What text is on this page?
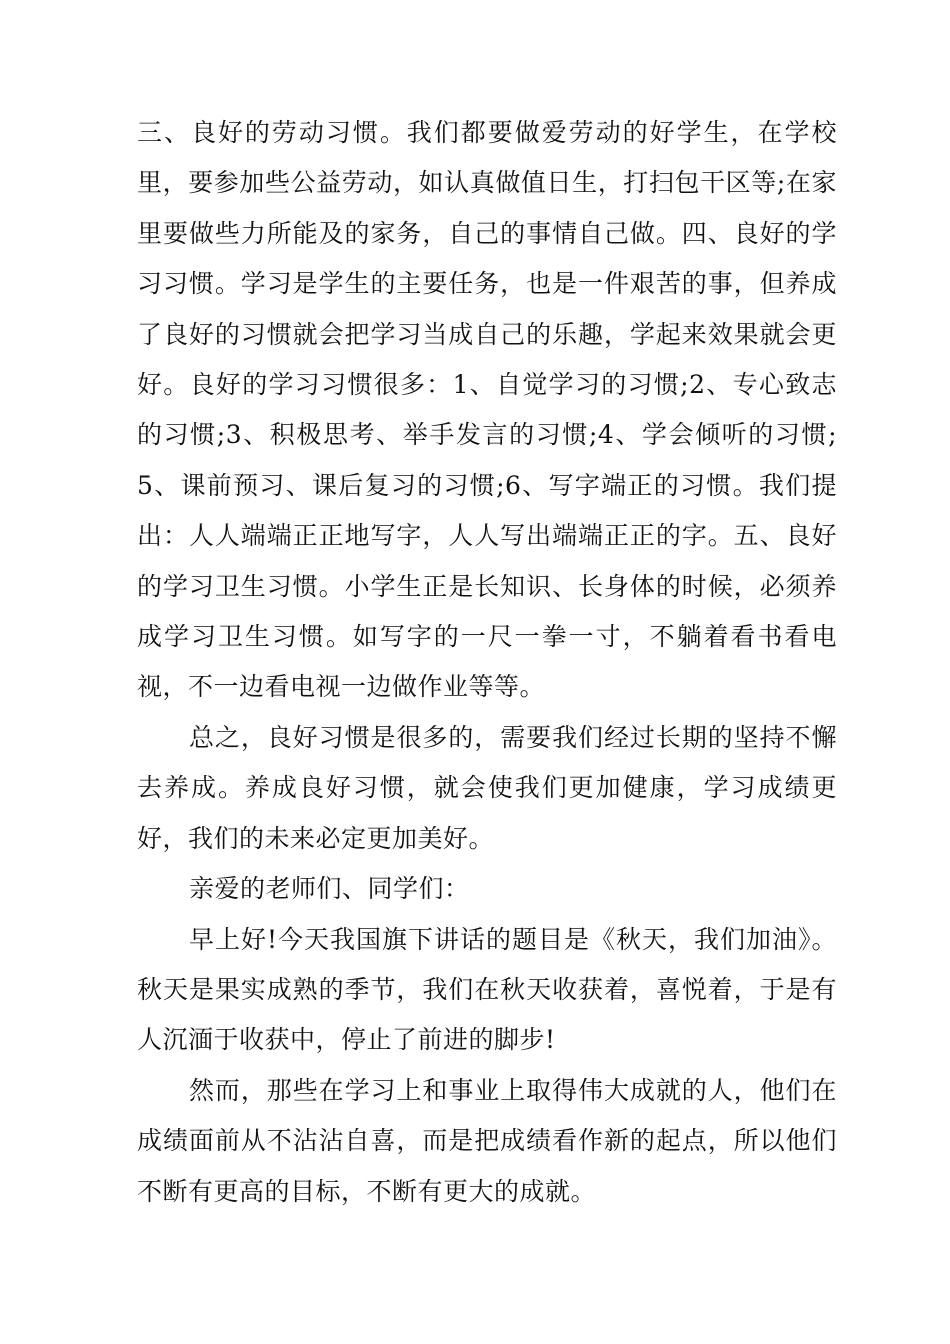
三、良好的劳动习惯。我们都要做爱劳动的好学生，在学校里，要参加些公益劳动，如认真做值日生，打扫包干区等;在家里要做些力所能及的家务，自己的事情自己做。四、良好的学习习惯。学习是学生的主要任务，也是一件艰苦的事，但养成了良好的习惯就会把学习当成自己的乐趣，学起来效果就会更好。良好的学习习惯很多：1、自觉学习的习惯;2、专心致志的习惯;3、积极思考、举手发言的习惯;4、学会倾听的习惯;5、课前预习、课后复习的习惯;6、写字端正的习惯。我们提出：人人端端正正地写字，人人写出端端正正的字。五、良好的学习卫生习惯。小学生正是长知识、长身体的时候，必须养成学习卫生习惯。如写字的一尺一拳一寸，不躺着看书看电视，不一边看电视一边做作业等等。

总之，良好习惯是很多的，需要我们经过长期的坚持不懈去养成。养成良好习惯，就会使我们更加健康，学习成绩更好，我们的未来必定更加美好。

亲爱的老师们、同学们：

早上好!今天我国旗下讲话的题目是《秋天，我们加油》。秋天是果实成熟的季节，我们在秋天收获着，喜悦着，于是有人沉湎于收获中，停止了前进的脚步!

然而，那些在学习上和事业上取得伟大成就的人，他们在成绩面前从不沾沾自喜，而是把成绩看作新的起点，所以他们不断有更高的目标，不断有更大的成就。
